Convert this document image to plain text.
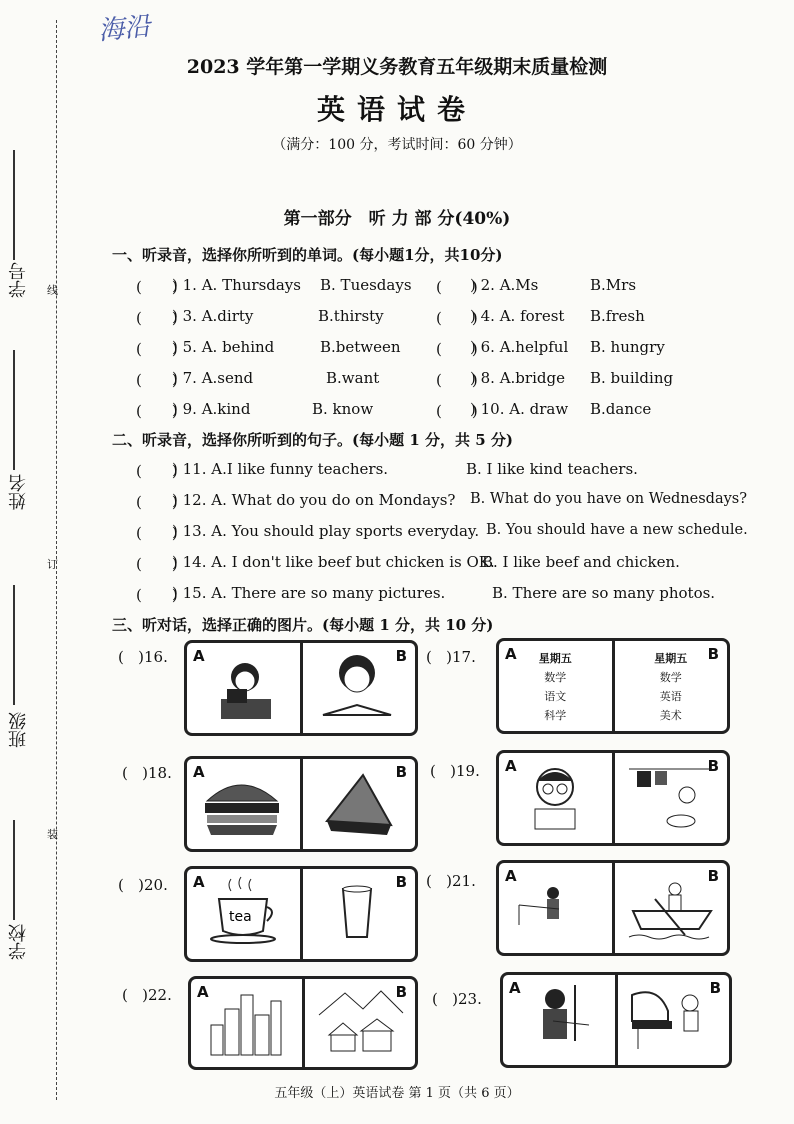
海沿
学号
姓名
班级
学校
线
订
装
2023 学年第一学期义务教育五年级期末质量检测
英语试卷
（满分：100 分，考试时间：60 分钟）
第一部分　听 力 部 分(40%)
一、听录音，选择你所听到的单词。(每小题1分，共10分)
(　　)
) 1. A. Thursdays B. Tuesdays (　　)
) 2. A.Ms	B.Mrs
(　　)
) 3. A.dirty	B.thirsty	(　　)
) 4. A. forest B.fresh
(　　)
) 5. A. behind	B.between (　　)
) 6. A.helpful B. hungry
(　　)
) 7. A.send	B.want	(　　)
) 8. A.bridge B. building
(　　)
) 9. A.kind	B. know	(　　)
) 10. A. draw B.dance
二、听录音，选择你所听到的句子。(每小题 1 分，共 5 分)
(　　)
) 11. A.I like funny teachers.	B. I like kind teachers.
(　　)
) 12. A. What do you do on Mondays? B. What do you have on Wednesdays?
(　　)
) 13. A. You should play sports everyday. B. You should have a new schedule.
(　　)
) 14. A. I don't like beef but chicken is OK.
B. I like beef and chicken.
(　　)
) 15. A. There are so many pictures.	B. There are so many photos.
三、听对话，选择正确的图片。(每小题 1 分，共 10 分)
(   )16. A	B (   )17. A	星期五
数学
语文
科学
B
星期五
数学
英语
美术
(   )18. A	B (   )19. A	B
(   )20. A
tea
B (   )21. A	B
(   )22. A	B (   )23.
A	B
五年级（上）英语试卷 第 1 页（共 6 页）
